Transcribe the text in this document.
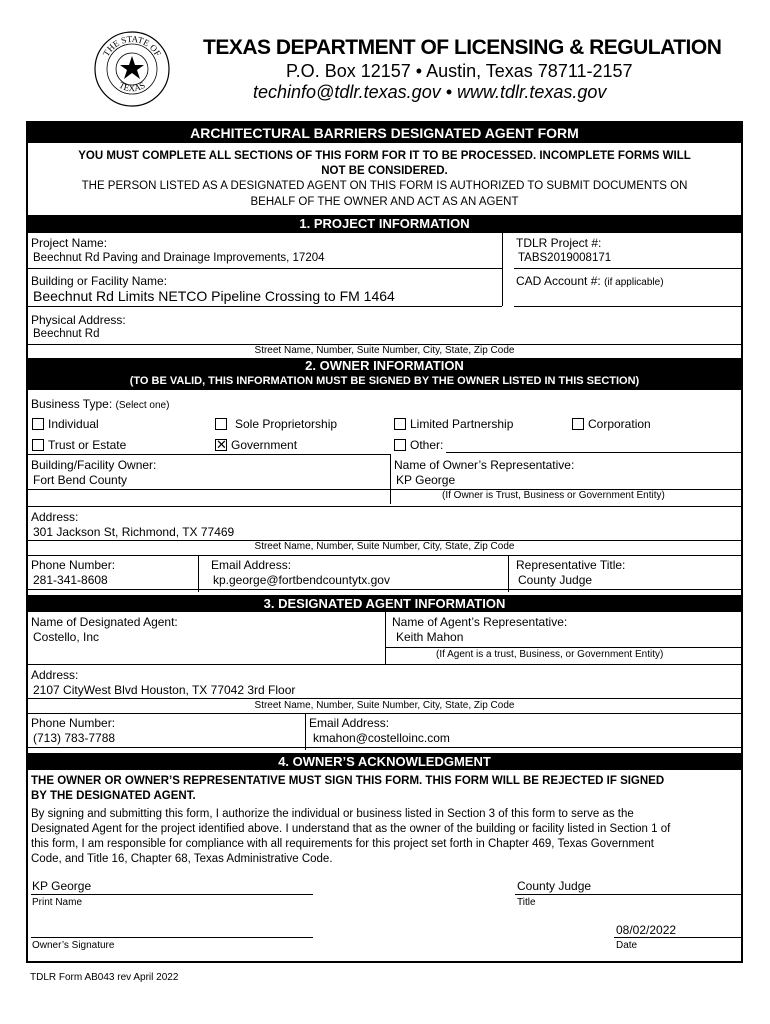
THE STATE OF
TEXAS
TEXAS DEPARTMENT OF LICENSING & REGULATION
P.O. Box 12157 • Austin, Texas 78711-2157
techinfo@tdlr.texas.gov • www.tdlr.texas.gov
ARCHITECTURAL BARRIERS DESIGNATED AGENT FORM
YOU MUST COMPLETE ALL SECTIONS OF THIS FORM FOR IT TO BE PROCESSED. INCOMPLETE FORMS WILL
NOT BE CONSIDERED.
THE PERSON LISTED AS A DESIGNATED AGENT ON THIS FORM IS AUTHORIZED TO SUBMIT DOCUMENTS ON
BEHALF OF THE OWNER AND ACT AS AN AGENT
1. PROJECT INFORMATION
Project Name:
Beechnut Rd Paving and Drainage Improvements, 17204
TDLR Project #:
TABS2019008171
Building or Facility Name:
Beechnut Rd Limits NETCO Pipeline Crossing to FM 1464
CAD Account #: (if applicable)
Physical Address:
Beechnut Rd
Street Name, Number, Suite Number, City, State, Zip Code
2. OWNER INFORMATION
(TO BE VALID, THIS INFORMATION MUST BE SIGNED BY THE OWNER LISTED IN THIS SECTION)
Business Type: (Select one)
Individual	Sole Proprietorship	Limited Partnership	Corporation
Trust or Estate	✕ Government	Other:
Building/Facility Owner:
Fort Bend County
Name of Owner’s Representative:
KP George
(If Owner is Trust, Business or Government Entity)
Address:
301 Jackson St, Richmond, TX 77469
Street Name, Number, Suite Number, City, State, Zip Code
Phone Number:
281-341-8608
Email Address:
kp.george@fortbendcountytx.gov
Representative Title:
County Judge
3. DESIGNATED AGENT INFORMATION
Name of Designated Agent:
Costello, Inc
Name of Agent’s Representative:
Keith Mahon
(If Agent is a trust, Business, or Government Entity)
Address:
2107 CityWest Blvd Houston, TX 77042 3rd Floor
Street Name, Number, Suite Number, City, State, Zip Code
Phone Number:
(713) 783-7788
Email Address:
kmahon@costelloinc.com
4. OWNER’S ACKNOWLEDGMENT
THE OWNER OR OWNER’S REPRESENTATIVE MUST SIGN THIS FORM. THIS FORM WILL BE REJECTED IF SIGNED
BY THE DESIGNATED AGENT.
By signing and submitting this form, I authorize the individual or business listed in Section 3 of this form to serve as the
Designated Agent for the project identified above. I understand that as the owner of the building or facility listed in Section 1 of
this form, I am responsible for compliance with all requirements for this project set forth in Chapter 469, Texas Government
Code, and Title 16, Chapter 68, Texas Administrative Code.
KP George
Print Name
County Judge
Title
Owner’s Signature
08/02/2022
Date
TDLR Form AB043 rev April 2022
